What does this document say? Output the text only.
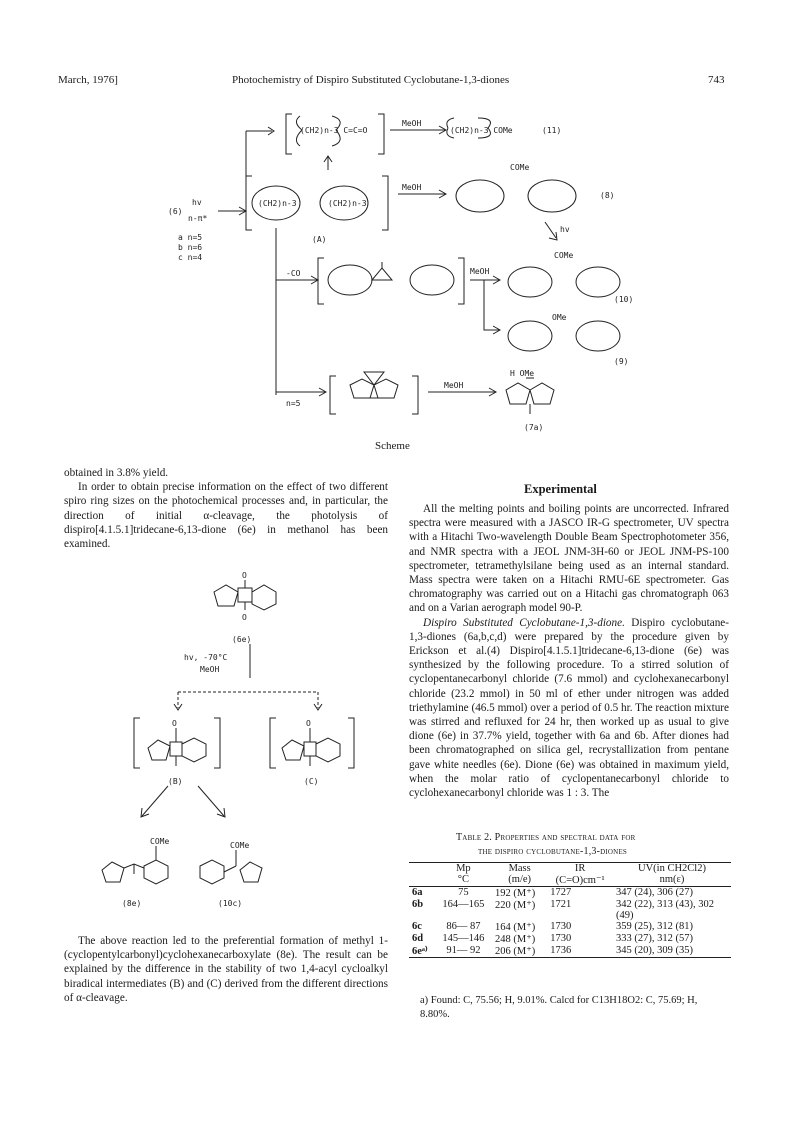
March, 1976]	Photochemistry of Dispiro Substituted Cyclobutane-1,3-diones	743
(6)
hv
n-π*
a n=5
b n=6
c n=4
(CH2)n-3 C=C=O
MeOH
(CH2)n-3 COMe	(11)
(CH2)n-3	(CH2)n-3
(A)
MeOH
COMe
(8)
hv
-CO	MeOH
COMe
(10)
OMe
(9)
n=5
MeOH
H OMe
(7a)
Scheme

obtained in 3.8% yield.

In order to obtain precise information on the effect of two different spiro ring sizes on the photochemical processes and, in particular, the direction of initial α-cleavage, the photolysis of dispiro[4.1.5.1]tridecane-6,13-dione (6e) in methanol has been examined.

O
O
(6e)
hv, -70°C
MeOH
O	O
(B)	(C)
COMe
(8e)
COMe
(10c)

The above reaction led to the preferential formation of methyl 1-(cyclopentylcarbonyl)cyclohexanecarboxylate (8e). The result can be explained by the difference in the stability of two 1,4-acyl cycloalkyl biradical intermediates (B) and (C) derived from the different directions of α-cleavage.

Experimental

All the melting points and boiling points are uncorrected. Infrared spectra were measured with a JASCO IR-G spectrometer, UV spectra with a Hitachi Two-wavelength Double Beam Spectrophotometer 356, and NMR spectra with a JEOL JNM-3H-60 or JEOL JNM-PS-100 spectrometer, tetramethylsilane being used as an internal standard. Mass spectra were taken on a Hitachi RMU-6E spectrometer. Gas chromatography was carried out on a Hitachi gas chromatograph 063 and on a Varian aerograph model 90-P.

Dispiro Substituted Cyclobutane-1,3-dione. Dispiro cyclobutane-1,3-diones (6a,b,c,d) were prepared by the procedure given by Erickson et al.(4) Dispiro[4.1.5.1]tridecane-6,13-dione (6e) was synthesized by the following procedure. To a stirred solution of cyclopentanecarbonyl chloride (7.6 mmol) and cyclohexanecarbonyl chloride (23.2 mmol) in 50 ml of ether under nitrogen was added triethylamine (46.5 mmol) over a period of 0.5 hr. The reaction mixture was stirred and refluxed for 24 hr, then worked up as usual to give dione (6e) in 37.7% yield, together with 6a and 6b. After diones had been chromatographed on silica gel, recrystallization from pentane gave white needles (6e). Dione (6e) was obtained in maximum yield, when the molar ratio of cyclopentanecarbonyl chloride to cyclohexanecarbonyl chloride was 1 : 3. The

Table 2. Properties and spectral data for
the dispiro cyclobutane-1,3-diones
	Mp	Mass	IR	UV(in CH2Cl2)
	°C	(m/e)	(C=O)cm⁻¹	nm(ε)
6a	75	192 (M⁺)	1727	347 (24), 306 (27)
6b	164—165	220 (M⁺)	1721	342 (22), 313 (43), 302 (49)
6c	86— 87	164 (M⁺)	1730	359 (25), 312 (81)
6d	145—146	248 (M⁺)	1730	333 (27), 312 (57)
6eᵃ⁾	91— 92	206 (M⁺)	1736	345 (20), 309 (35)
a) Found: C, 75.56; H, 9.01%. Calcd for C13H18O2: C, 75.69; H, 8.80%.
